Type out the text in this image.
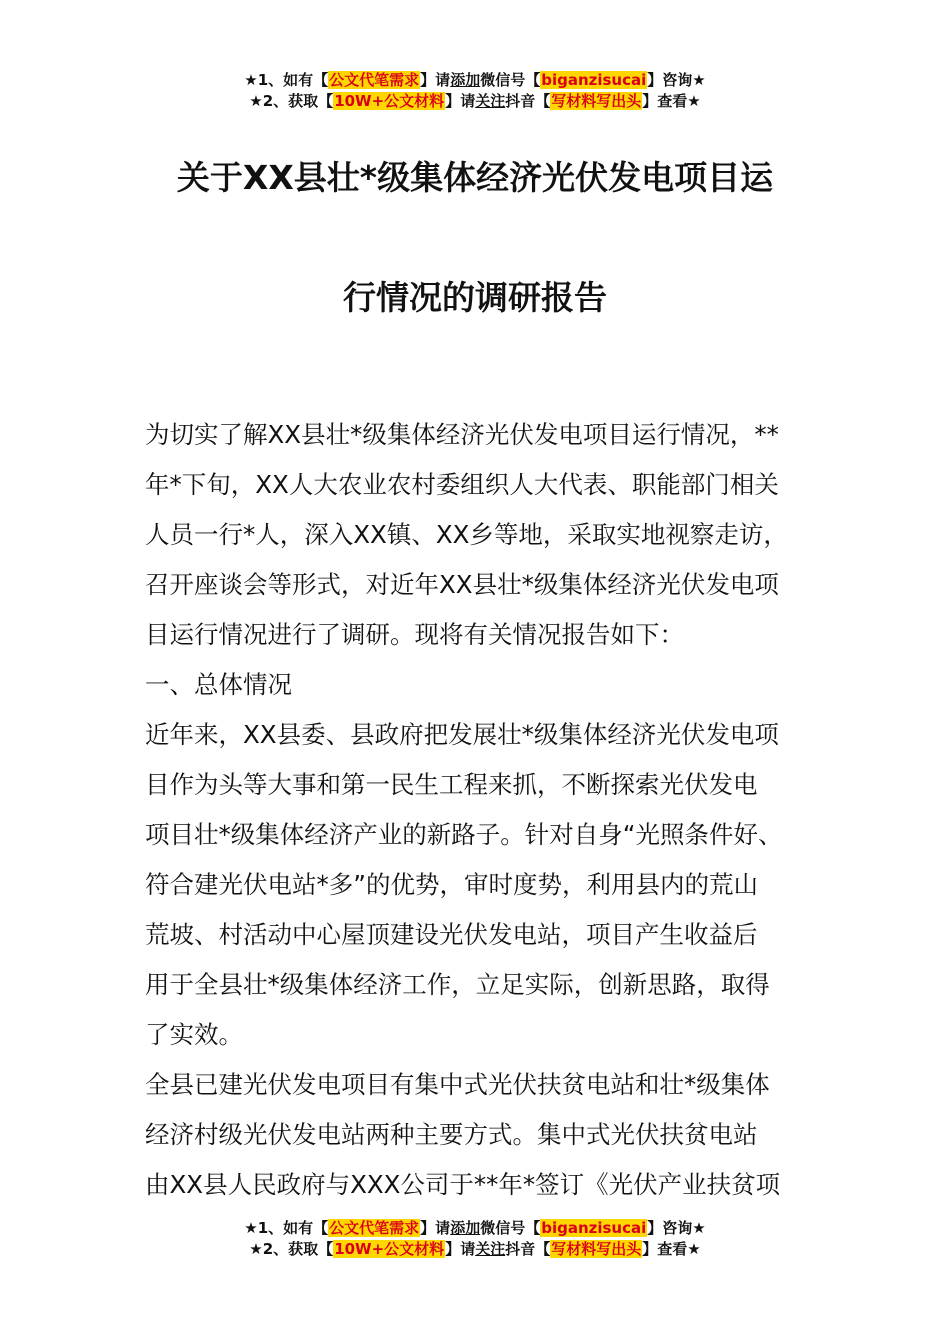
★1、如有【公文代笔需求】请添加微信号【biganzisucai】咨询★
★2、获取【10W+公文材料】请关注抖音【写材料写出头】查看★
关于XX县壮*级集体经济光伏发电项目运
行情况的调研报告
为切实了解XX县壮*级集体经济光伏发电项目运行情况，**
年*下旬，XX人大农业农村委组织人大代表、职能部门相关
人员一行*人，深入XX镇、XX乡等地，采取实地视察走访，
召开座谈会等形式，对近年XX县壮*级集体经济光伏发电项
目运行情况进行了调研。现将有关情况报告如下：
一、总体情况
近年来，XX县委、县政府把发展壮*级集体经济光伏发电项
目作为头等大事和第一民生工程来抓，不断探索光伏发电
项目壮*级集体经济产业的新路子。针对自身“光照条件好、
符合建光伏电站*多”的优势，审时度势，利用县内的荒山
荒坡、村活动中心屋顶建设光伏发电站，项目产生收益后
用于全县壮*级集体经济工作，立足实际，创新思路，取得
了实效。
全县已建光伏发电项目有集中式光伏扶贫电站和壮*级集体
经济村级光伏发电站两种主要方式。集中式光伏扶贫电站
由XX县人民政府与XXX公司于**年*签订《光伏产业扶贫项
★1、如有【公文代笔需求】请添加微信号【biganzisucai】咨询★
★2、获取【10W+公文材料】请关注抖音【写材料写出头】查看★
